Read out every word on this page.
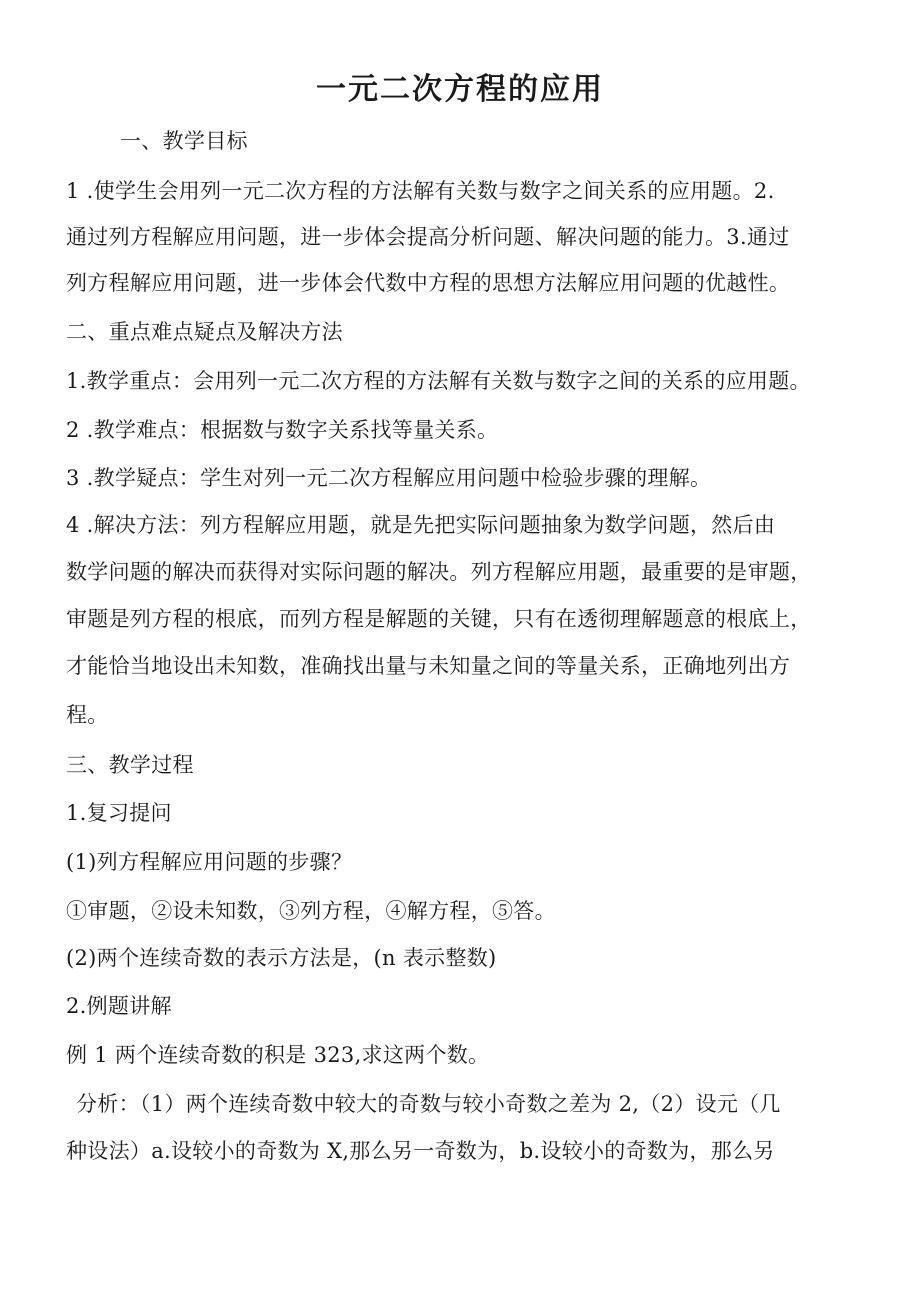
一元二次方程的应用
一、教学目标
1 .使学生会用列一元二次方程的方法解有关数与数字之间关系的应用题。2.
通过列方程解应用问题，进一步体会提高分析问题、解决问题的能力。3.通过
列方程解应用问题，进一步体会代数中方程的思想方法解应用问题的优越性。
二、重点难点疑点及解决方法
1.教学重点：会用列一元二次方程的方法解有关数与数字之间的关系的应用题。
2 .教学难点：根据数与数字关系找等量关系。
3 .教学疑点：学生对列一元二次方程解应用问题中检验步骤的理解。
4 .解决方法：列方程解应用题，就是先把实际问题抽象为数学问题，然后由
数学问题的解决而获得对实际问题的解决。列方程解应用题，最重要的是审题，
审题是列方程的根底，而列方程是解题的关键，只有在透彻理解题意的根底上，
才能恰当地设出未知数，准确找出量与未知量之间的等量关系，正确地列出方
程。
三、教学过程
1.复习提问
(1)列方程解应用问题的步骤？
①审题，②设未知数，③列方程，④解方程，⑤答。
(2)两个连续奇数的表示方法是，(n 表示整数)
2.例题讲解
例 1 两个连续奇数的积是 323,求这两个数。
分析：（1）两个连续奇数中较大的奇数与较小奇数之差为 2,（2）设元（几
种设法）a.设较小的奇数为 X,那么另一奇数为，b.设较小的奇数为，那么另
